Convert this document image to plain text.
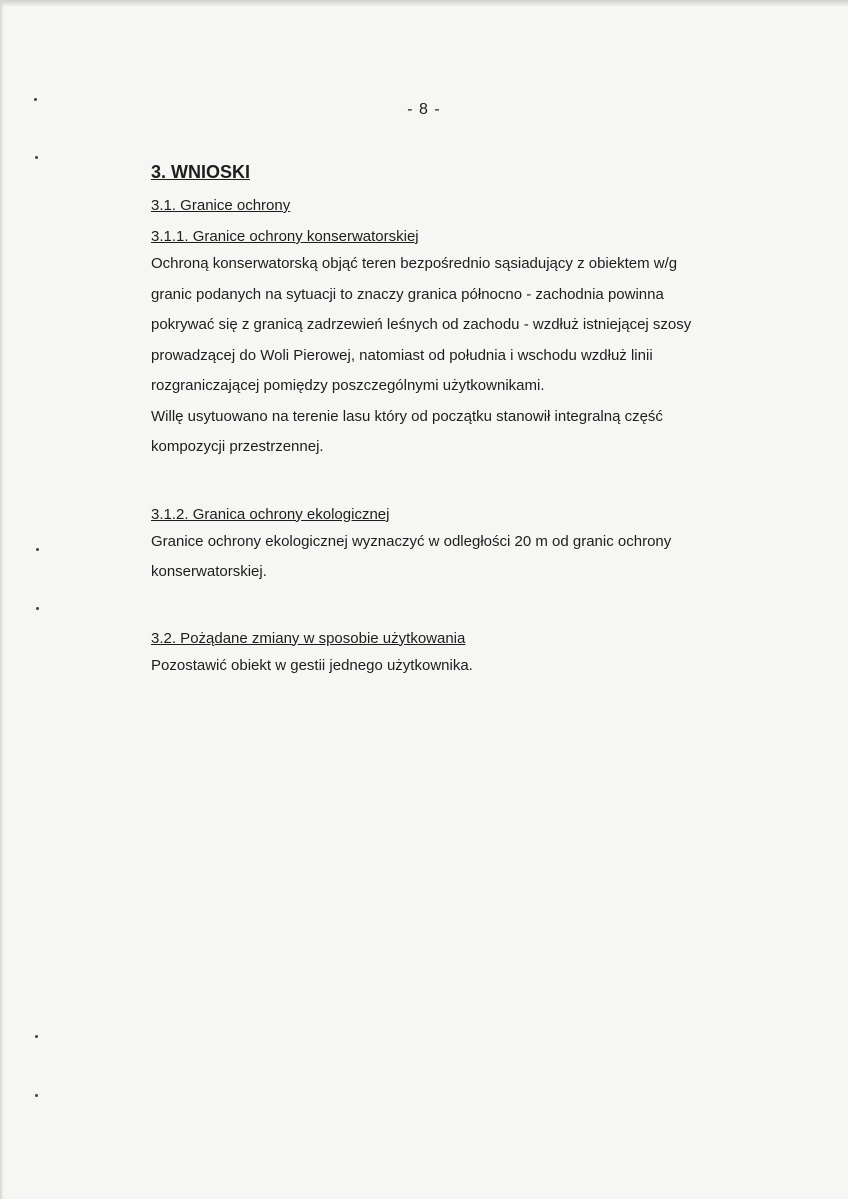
- 8 -
3. WNIOSKI

3.1. Granice ochrony

3.1.1. Granice ochrony konserwatorskiej

Ochroną konserwatorską objąć teren bezpośrednio sąsiadujący z obiektem w/g
granic podanych na sytuacji to znaczy granica północno - zachodnia powinna
pokrywać się z granicą zadrzewień leśnych od zachodu - wzdłuż istniejącej szosy
prowadzącej do Woli Pierowej, natomiast od południa i wschodu wzdłuż linii
rozgraniczającej pomiędzy poszczególnymi użytkownikami.
Willę usytuowano na terenie lasu który od początku stanowił integralną część
kompozycji przestrzennej.

3.1.2. Granica ochrony ekologicznej

Granice ochrony ekologicznej wyznaczyć w odległości 20 m od granic ochrony
konserwatorskiej.

3.2. Pożądane zmiany w sposobie użytkowania

Pozostawić obiekt w gestii jednego użytkownika.
